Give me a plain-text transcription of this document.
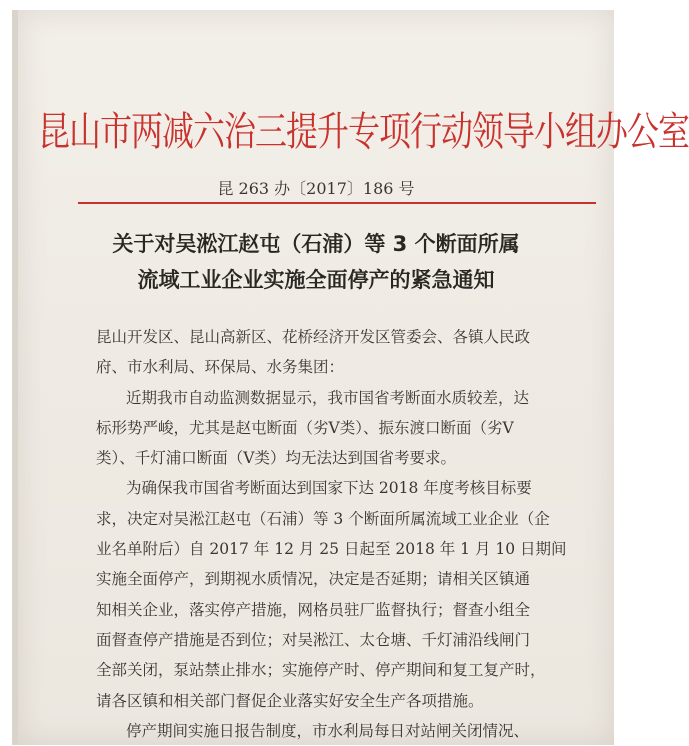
昆山市两减六治三提升专项行动领导小组办公室
昆 263 办〔2017〕186 号
关于对吴淞江赵屯（石浦）等 3 个断面所属
流域工业企业实施全面停产的紧急通知
昆山开发区、昆山高新区、花桥经济开发区管委会、各镇人民政
府、市水利局、环保局、水务集团：
近期我市自动监测数据显示，我市国省考断面水质较差，达
标形势严峻，尤其是赵屯断面（劣Ⅴ类）、振东渡口断面（劣Ⅴ
类）、千灯浦口断面（Ⅴ类）均无法达到国省考要求。
为确保我市国省考断面达到国家下达 2018 年度考核目标要
求，决定对吴淞江赵屯（石浦）等 3 个断面所属流域工业企业（企
业名单附后）自 2017 年 12 月 25 日起至 2018 年 1 月 10 日期间
实施全面停产，到期视水质情况，决定是否延期；请相关区镇通
知相关企业，落实停产措施，网格员驻厂监督执行；督查小组全
面督查停产措施是否到位；对吴淞江、太仓塘、千灯浦沿线闸门
全部关闭，泵站禁止排水；实施停产时、停产期间和复工复产时，
请各区镇和相关部门督促企业落实好安全生产各项措施。
停产期间实施日报告制度，市水利局每日对站闸关闭情况、
